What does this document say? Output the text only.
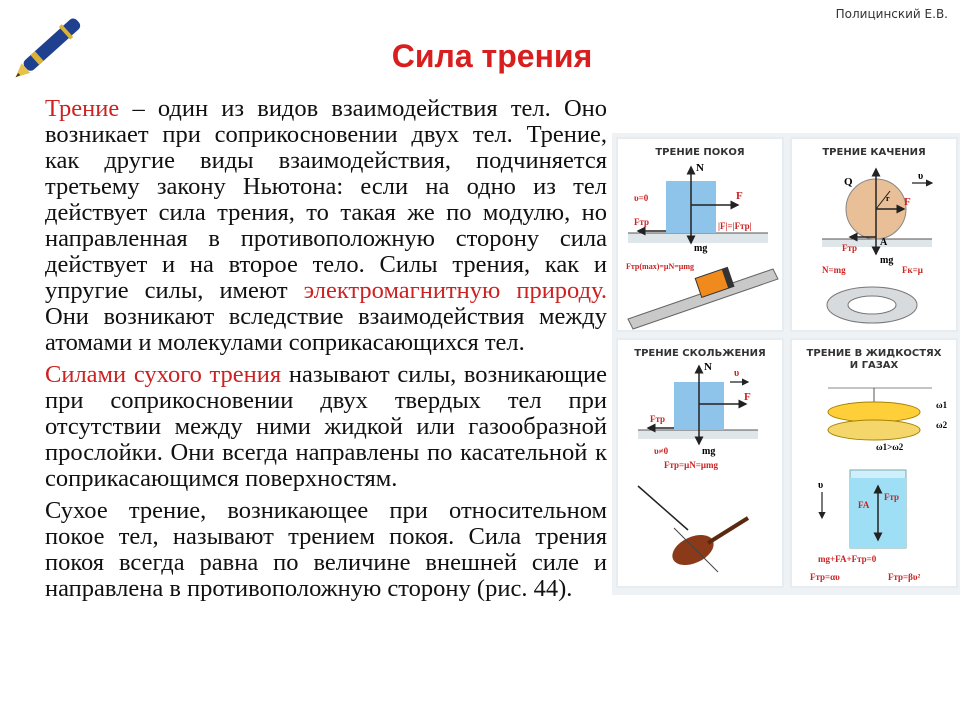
Полицинский Е.В.
Сила трения

Трение – один из видов взаимодействия тел. Оно возникает при соприкосновении двух тел. Трение, как другие виды взаимодействия, подчиняется третьему закону Ньютона: если на одно из тел действует сила трения, то такая же по модулю, но направленная в противоположную сторону сила действует и на второе тело. Силы трения, как и упругие силы, имеют электромагнитную природу. Они возникают вследствие взаимодействия между атомами и молекулами соприкасающихся тел.

Силами сухого трения называют силы, возникающие при соприкосновении двух твердых тел при отсутствии между ними жидкой или газообразной прослойки. Они всегда направлены по касательной к соприкасающимся поверхностям.

Сухое трение, возникающее при относительном покое тел, называют трением покоя. Сила трения покоя всегда равна по величине внешней силе и направлена в противоположную сторону (рис. 44).

ТРЕНИЕ ПОКОЯ
N
F
υ=0
Fтр
mg
|F|=|Fтр|
Fтр(max)=μN=μmg
ТРЕНИЕ КАЧЕНИЯ
Q	υ
F
r
Fтр A
mg
N=mg	Fк=μ
ТРЕНИЕ СКОЛЬЖЕНИЯ
N
υ
F
Fтр
υ≠0	mg
Fтр=μN=μmg
ТРЕНИЕ В ЖИДКОСТЯХ
И ГАЗАХ
ω1
ω2
ω1>ω2
υ
FA
Fтр
mg+FA+Fтр=0
Fтр=αυ	Fтр=βυ²
